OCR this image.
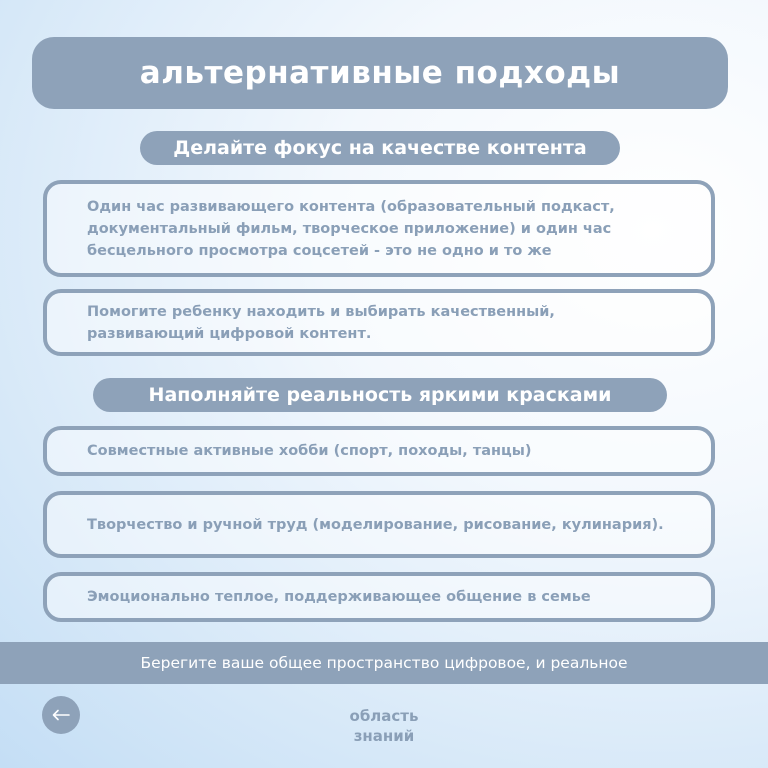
альтернативные подходы
Делайте фокус на качестве контента
Один час развивающего контента (образовательный подкаст, документальный фильм, творческое приложение) и один час бесцельного просмотра соцсетей - это не одно и то же
Помогите ребенку находить и выбирать качественный, развивающий цифровой контент.
Наполняйте реальность яркими красками
Совместные активные хобби (спорт, походы, танцы)
Творчество и ручной труд (моделирование, рисование, кулинария).
Эмоционально теплое, поддерживающее общение в семье
Берегите ваше общее пространство цифровое, и реальное
область
знаний
